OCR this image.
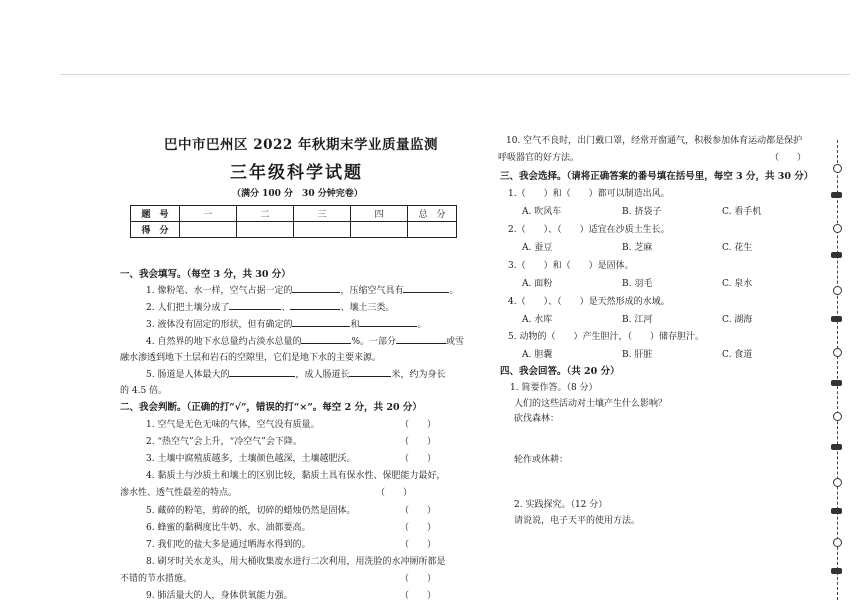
巴中市巴州区 2022 年秋期末学业质量监测
三年级科学试题
（满分 100 分　30 分钟完卷）
题　号	一	二	三	四	总　分
得　分					
一、我会填写。（每空 3 分，共 30 分）
1. 像粉笔、水一样，空气占据一定的	，压缩空气具有	。
2. 人们把土壤分成了	、	、壤土三类。
3. 液体没有固定的形状，但有确定的	和	。
4. 自然界的地下水总量约占淡水总量的	%。一部分	或雪
融水渗透到地下土层和岩石的空隙里，它们是地下水的主要来源。
5. 肠道是人体最大的	，成人肠道长	米，约为身长
的 4.5 倍。
二、我会判断。（正确的打“√”，错误的打“×”。每空 2 分，共 20 分）
1. 空气是无色无味的气体，空气没有质量。	（　　）
2. “热空气”会上升，“冷空气”会下降。	（　　）
3. 土壤中腐殖质越多，土壤颜色越深，土壤越肥沃。	（　　）
4. 黏质土与沙质土和壤土的区别比较，黏质土具有保水性、保肥能力最好，
渗水性、透气性最差的特点。	（　　）
5. 藏碎的粉笔，剪碎的纸，切碎的蜡烛仍然是固体。	（　　）
6. 蜂蜜的黏稠度比牛奶、水、油都要高。	（　　）
7. 我们吃的盐大多是通过晒海水得到的。	（　　）
8. 刷牙时关水龙头，用大桶收集废水进行二次利用，用洗脸的水冲厕所都是
不错的节水措施。	（　　）
9. 肺活量大的人，身体供氧能力强。	（　　）
10. 空气不良时，出门戴口罩，经常开窗通气，积极参加体育运动都是保护
呼吸器官的好方法。	（　　）
三、我会选择。（请将正确答案的番号填在括号里，每空 3 分，共 30 分）
1.（　　）和（　　）都可以制造出风。
A. 吹风车	B. 挤袋子	C. 看手机
2.（　　）、（　　）适宜在沙质土生长。
A. 蚕豆	B. 芝麻	C. 花生
3.（　　）和（　　）是固体。
A. 面粉	B. 羽毛	C. 泉水
4.（　　）、（　　）是天然形成的水域。
A. 水库	B. 江河	C. 湖海
5. 动物的（　　）产生胆汁，（　　）储存胆汁。
A. 胆囊	B. 肝脏	C. 食道
四、我会回答。（共 20 分）
1. 简要作答。（8 分）
人们的这些活动对土壤产生什么影响？
砍伐森林：
轮作或休耕：
2. 实践探究。（12 分）
请说说，电子天平的使用方法。
